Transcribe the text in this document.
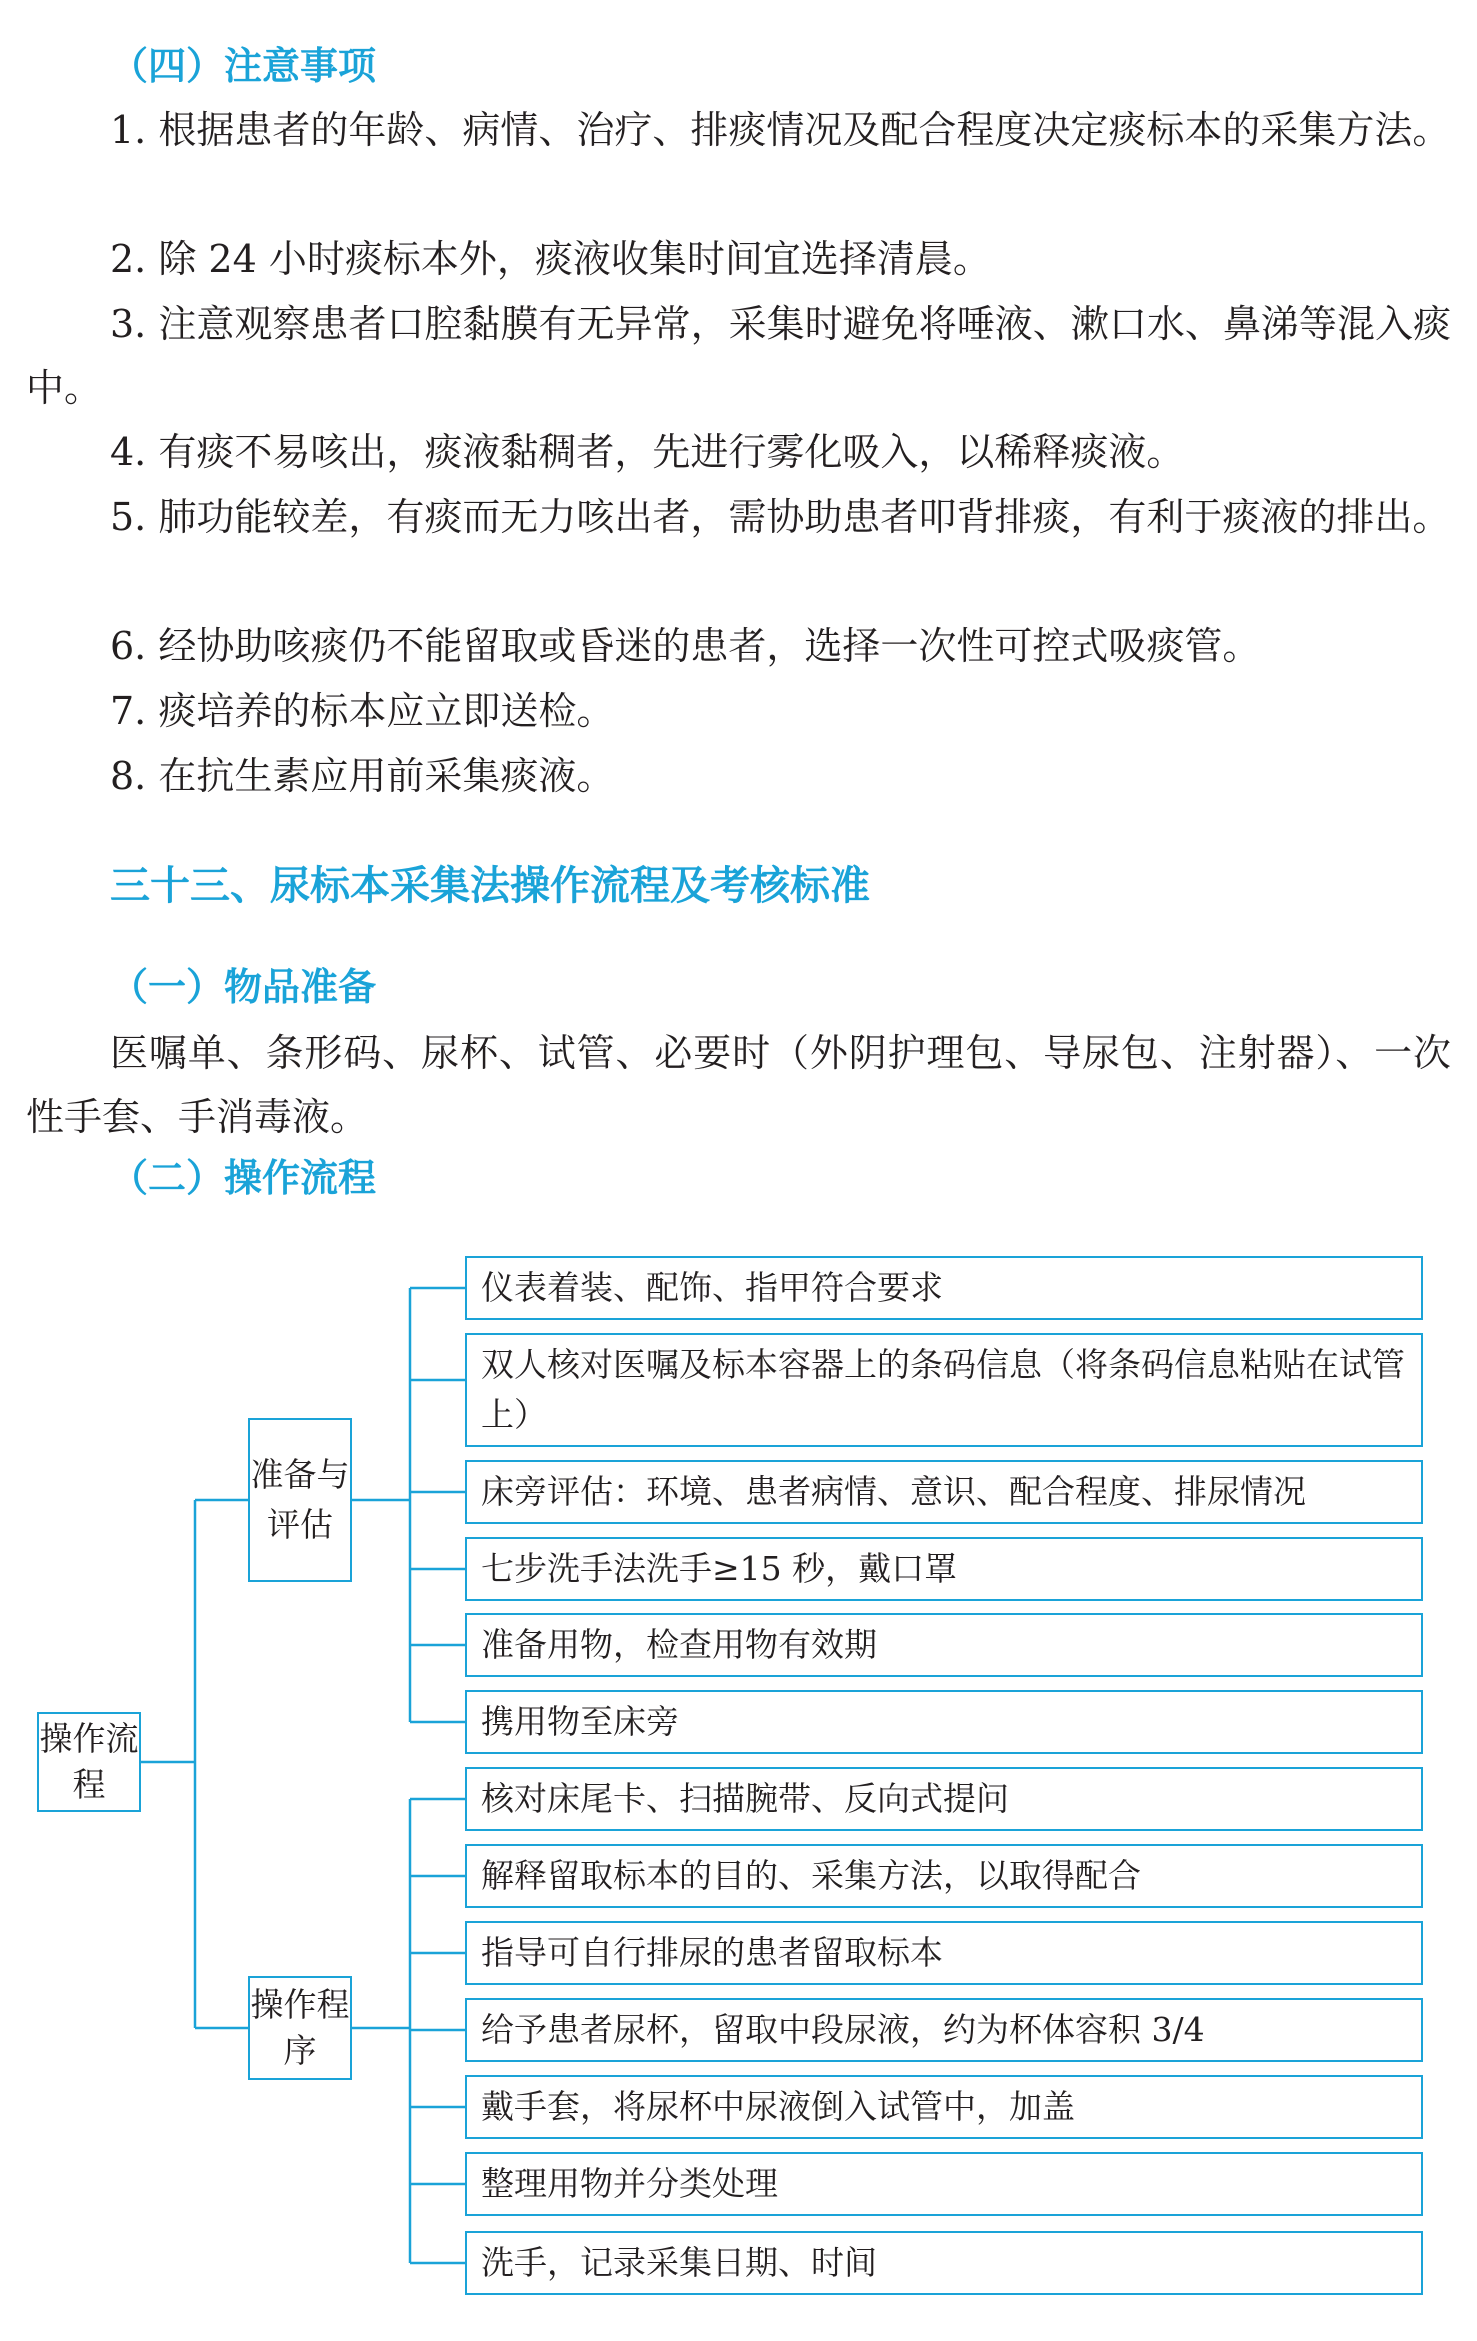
（四）注意事项

1. 根据患者的年龄、病情、治疗、排痰情况及配合程度决定痰标本的采集方法。

2. 除 24 小时痰标本外，痰液收集时间宜选择清晨。

3. 注意观察患者口腔黏膜有无异常，采集时避免将唾液、漱口水、鼻涕等混入痰中。

4. 有痰不易咳出，痰液黏稠者，先进行雾化吸入，以稀释痰液。

5. 肺功能较差，有痰而无力咳出者，需协助患者叩背排痰，有利于痰液的排出。

6. 经协助咳痰仍不能留取或昏迷的患者，选择一次性可控式吸痰管。

7. 痰培养的标本应立即送检。

8. 在抗生素应用前采集痰液。

三十三、尿标本采集法操作流程及考核标准
（一）物品准备

医嘱单、条形码、尿杯、试管、必要时（外阴护理包、导尿包、注射器）、一次性手套、手消毒液。

（二）操作流程
操作流程
准备与评估
操作程序
仪表着装、配饰、指甲符合要求
双人核对医嘱及标本容器上的条码信息（将条码信息粘贴在试管上）
床旁评估：环境、患者病情、意识、配合程度、排尿情况
七步洗手法洗手≥15 秒，戴口罩
准备用物，检查用物有效期
携用物至床旁
核对床尾卡、扫描腕带、反向式提问
解释留取标本的目的、采集方法，以取得配合
指导可自行排尿的患者留取标本
给予患者尿杯，留取中段尿液，约为杯体容积 3/4
戴手套，将尿杯中尿液倒入试管中，加盖
整理用物并分类处理
洗手，记录采集日期、时间
